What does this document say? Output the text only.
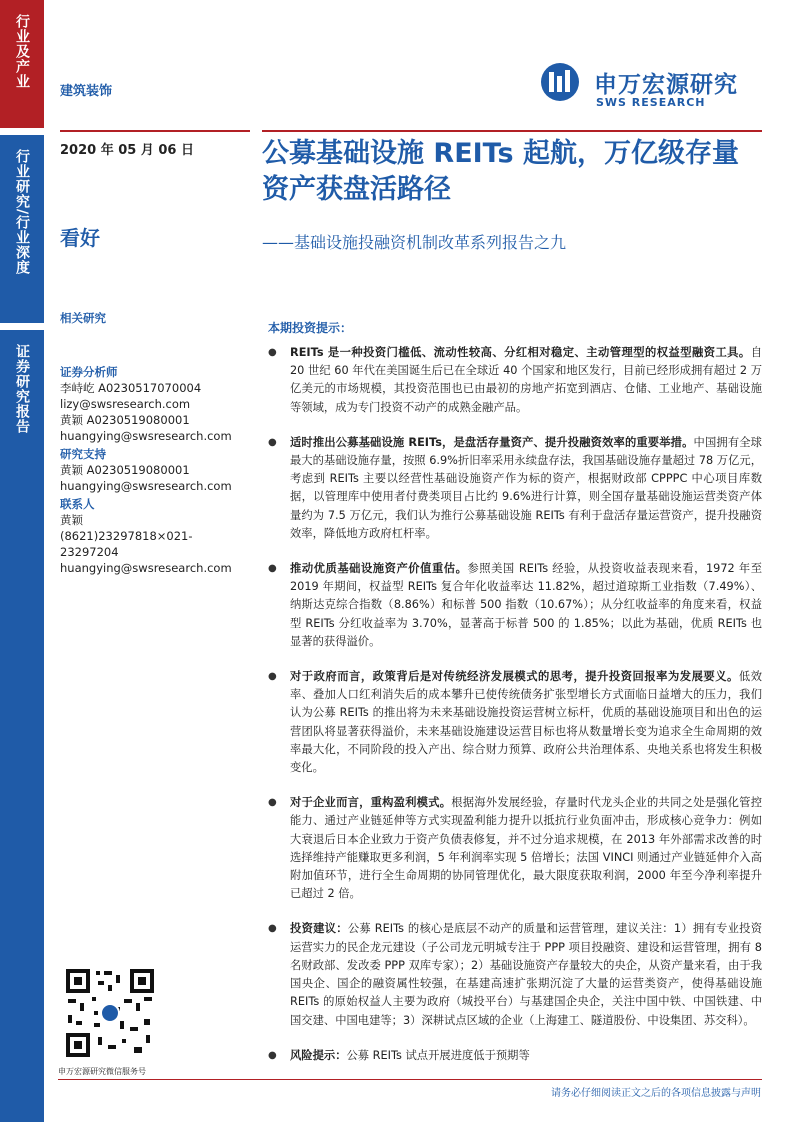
行业及产业
行业研究/行业深度
证券研究报告
建筑装饰	申万宏源研究
SWS RESEARCH
2020 年 05 月 06 日	公募基础设施 REITs 起航，万亿级存量资产获盘活路径
看好	——基础设施投融资机制改革系列报告之九
相关研究
证券分析师
李峙屹 A0230517070004
lizy@swsresearch.com
黄颖 A0230519080001
huangying@swsresearch.com
研究支持
黄颖 A0230519080001
huangying@swsresearch.com
联系人
黄颖
(8621)23297818×021-23297204
huangying@swsresearch.com
本期投资提示：
● REITs 是一种投资门槛低、流动性较高、分红相对稳定、主动管理型的权益型融资工具。自 20 世纪 60 年代在美国诞生后已在全球近 40 个国家和地区发行，目前已经形成拥有超过 2 万亿美元的市场规模，其投资范围也已由最初的房地产拓宽到酒店、仓储、工业地产、基础设施等领域，成为专门投资不动产的成熟金融产品。
● 适时推出公募基础设施 REITs，是盘活存量资产、提升投融资效率的重要举措。中国拥有全球最大的基础设施存量，按照 6.9%折旧率采用永续盘存法，我国基础设施存量超过 78 万亿元，考虑到 REITs 主要以经营性基础设施资产作为标的资产，根据财政部 CPPPC 中心项目库数据，以管理库中使用者付费类项目占比约 9.6%进行计算，则全国存量基础设施运营类资产体量约为 7.5 万亿元，我们认为推行公募基础设施 REITs 有利于盘活存量运营资产，提升投融资效率，降低地方政府杠杆率。
● 推动优质基础设施资产价值重估。参照美国 REITs 经验，从投资收益表现来看，1972 年至 2019 年期间，权益型 REITs 复合年化收益率达 11.82%，超过道琼斯工业指数（7.49%）、纳斯达克综合指数（8.86%）和标普 500 指数（10.67%）；从分红收益率的角度来看，权益型 REITs 分红收益率为 3.70%，显著高于标普 500 的 1.85%；以此为基础，优质 REITs 也显著的获得溢价。
● 对于政府而言，政策背后是对传统经济发展模式的思考，提升投资回报率为发展要义。低效率、叠加人口红利消失后的成本攀升已使传统债务扩张型增长方式面临日益增大的压力，我们认为公募 REITs 的推出将为未来基础设施投资运营树立标杆，优质的基础设施项目和出色的运营团队将显著获得溢价，未来基础设施建设运营目标也将从数量增长变为追求全生命周期的效率最大化，不同阶段的投入产出、综合财力预算、政府公共治理体系、央地关系也将发生积极变化。
● 对于企业而言，重构盈利模式。根据海外发展经验，存量时代龙头企业的共同之处是强化管控能力、通过产业链延伸等方式实现盈利能力提升以抵抗行业负面冲击，形成核心竞争力：例如大衰退后日本企业致力于资产负债表修复，并不过分追求规模，在 2013 年外部需求改善的时选择维持产能赚取更多利润，5 年利润率实现 5 倍增长；法国 VINCI 则通过产业链延伸介入高附加值环节，进行全生命周期的协同管理优化，最大限度获取利润，2000 年至今净利率提升已超过 2 倍。
● 投资建议：公募 REITs 的核心是底层不动产的质量和运营管理，建议关注：1）拥有专业投资运营实力的民企龙元建设（子公司龙元明城专注于 PPP 项目投融资、建设和运营管理，拥有 8 名财政部、发改委 PPP 双库专家）；2）基础设施资产存量较大的央企，从资产量来看，由于我国央企、国企的融资属性较强，在基建高速扩张期沉淀了大量的运营类资产，使得基础设施 REITs 的原始权益人主要为政府（城投平台）与基建国企央企，关注中国中铁、中国铁建、中国交建、中国电建等；3）深耕试点区域的企业（上海建工、隧道股份、中设集团、苏交科）。
● 风险提示：公募 REITs 试点开展进度低于预期等
申万宏源研究微信服务号
请务必仔细阅读正文之后的各项信息披露与声明
